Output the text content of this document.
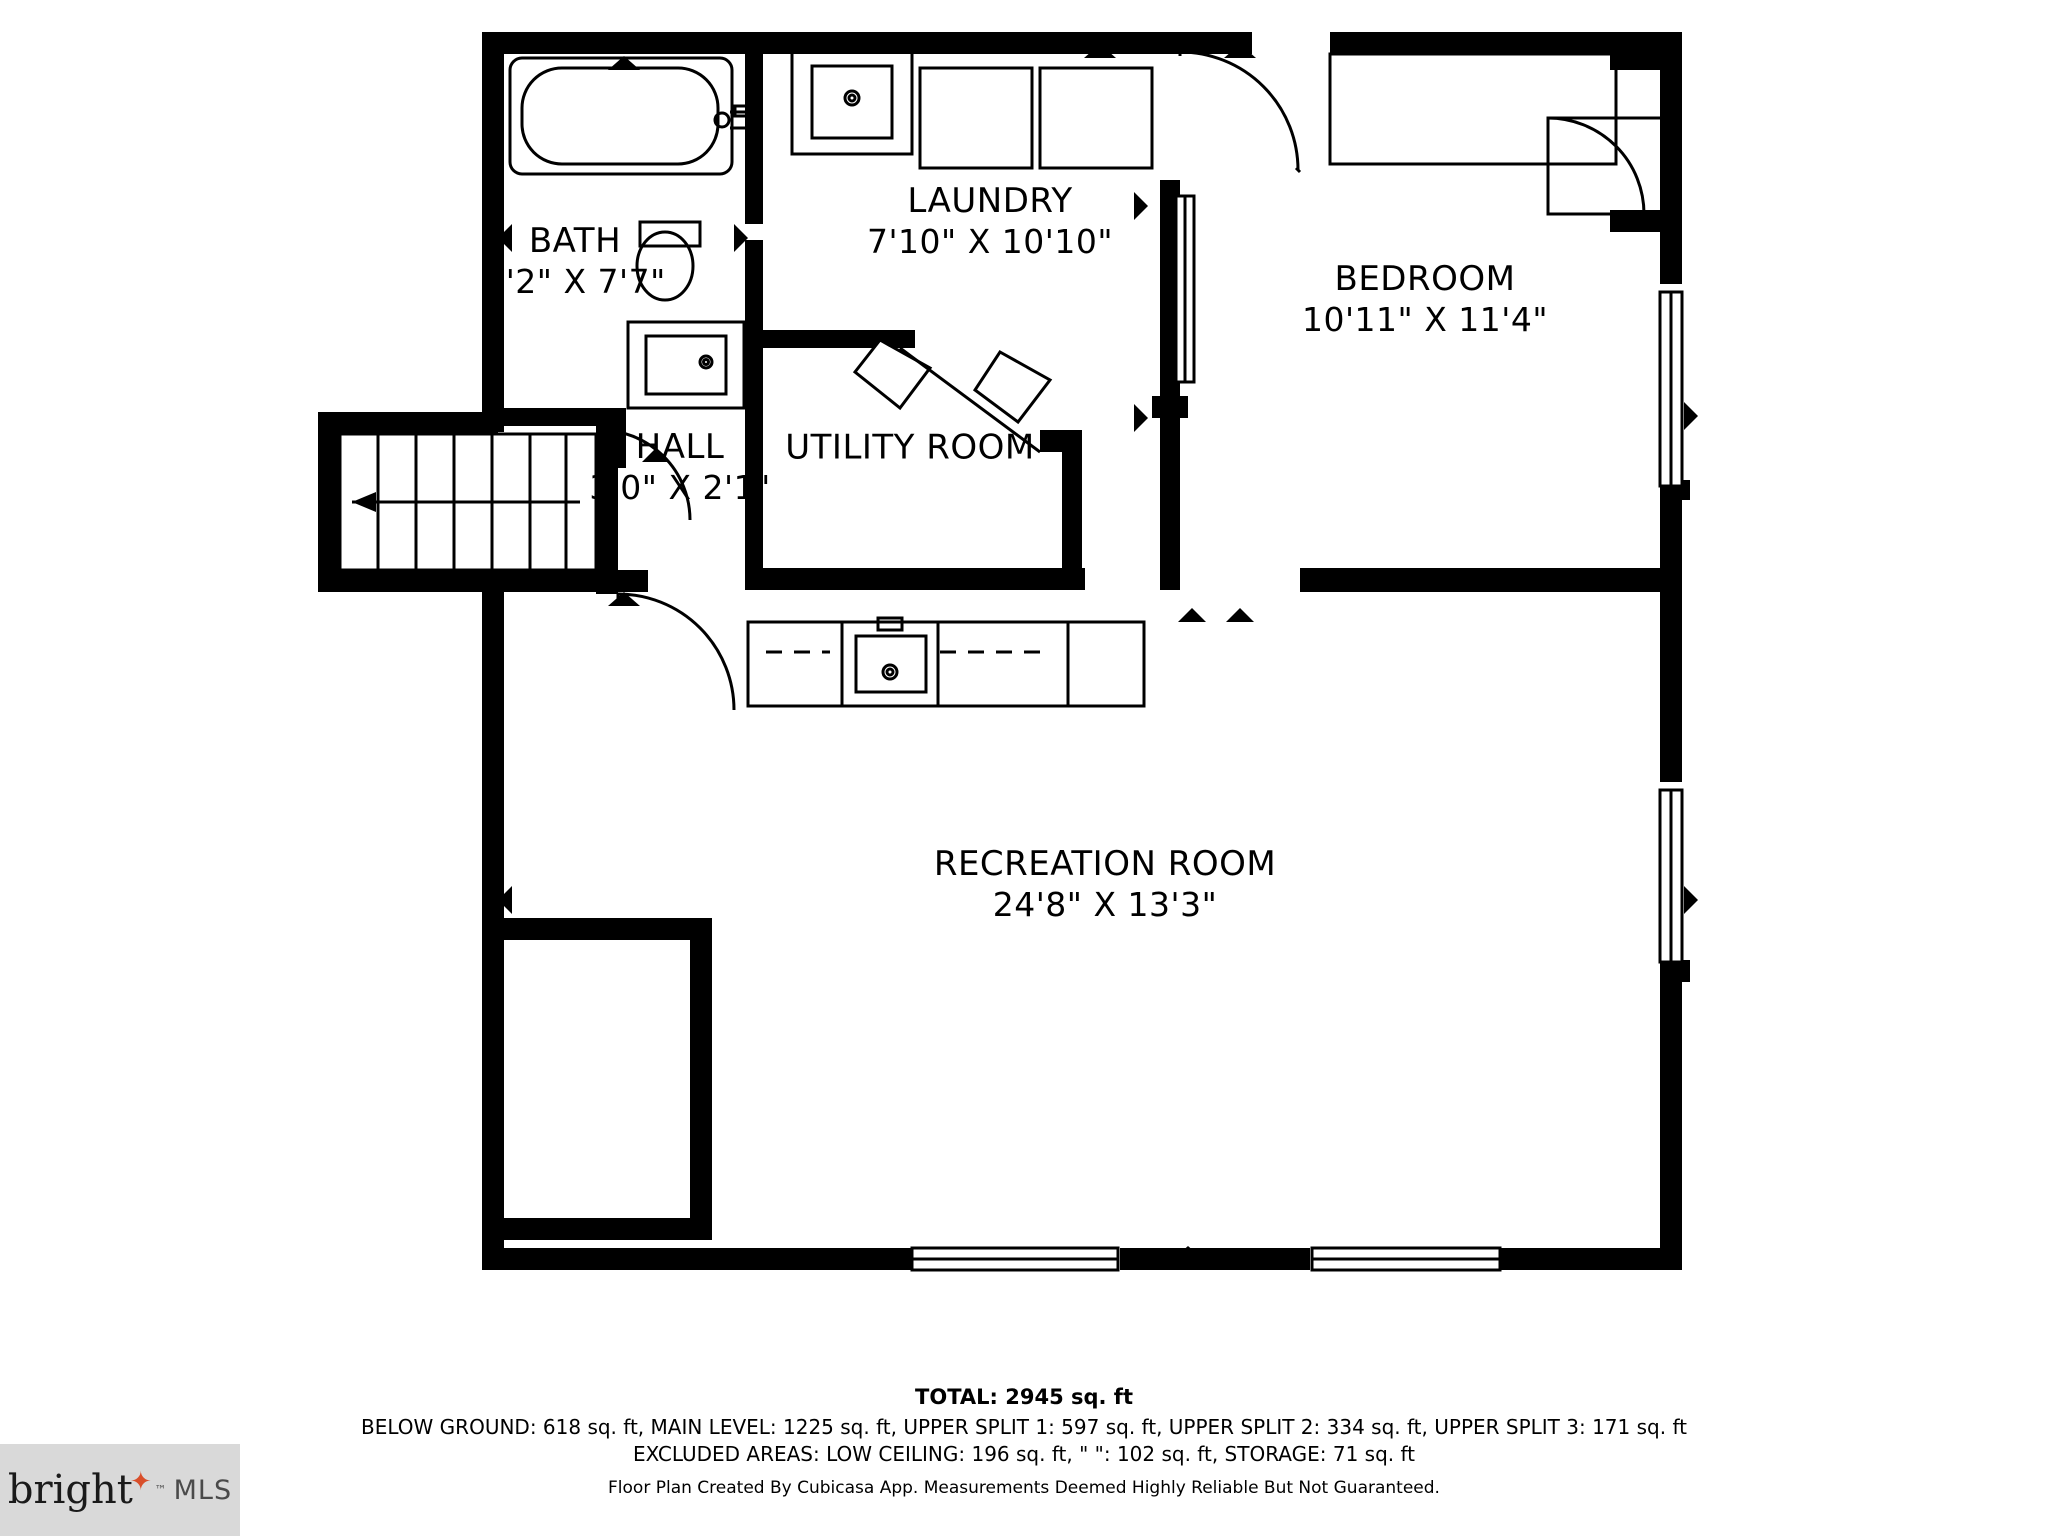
BATH
4'2" X 7'7"
LAUNDRY
7'10" X 10'10"
HALL
3'0" X 2'1"
UTILITY ROOM
BEDROOM
10'11" X 11'4"
RECREATION ROOM
24'8" X 13'3"
TOTAL: 2945 sq. ft
BELOW GROUND: 618 sq. ft, MAIN LEVEL: 1225 sq. ft, UPPER SPLIT 1: 597 sq. ft, UPPER SPLIT 2: 334 sq. ft, UPPER SPLIT 3: 171 sq. ft
EXCLUDED AREAS: LOW CEILING: 196 sq. ft, " ": 102 sq. ft, STORAGE: 71 sq. ft
Floor Plan Created By Cubicasa App. Measurements Deemed Highly Reliable But Not Guaranteed.
bright
✦ ™ MLS
